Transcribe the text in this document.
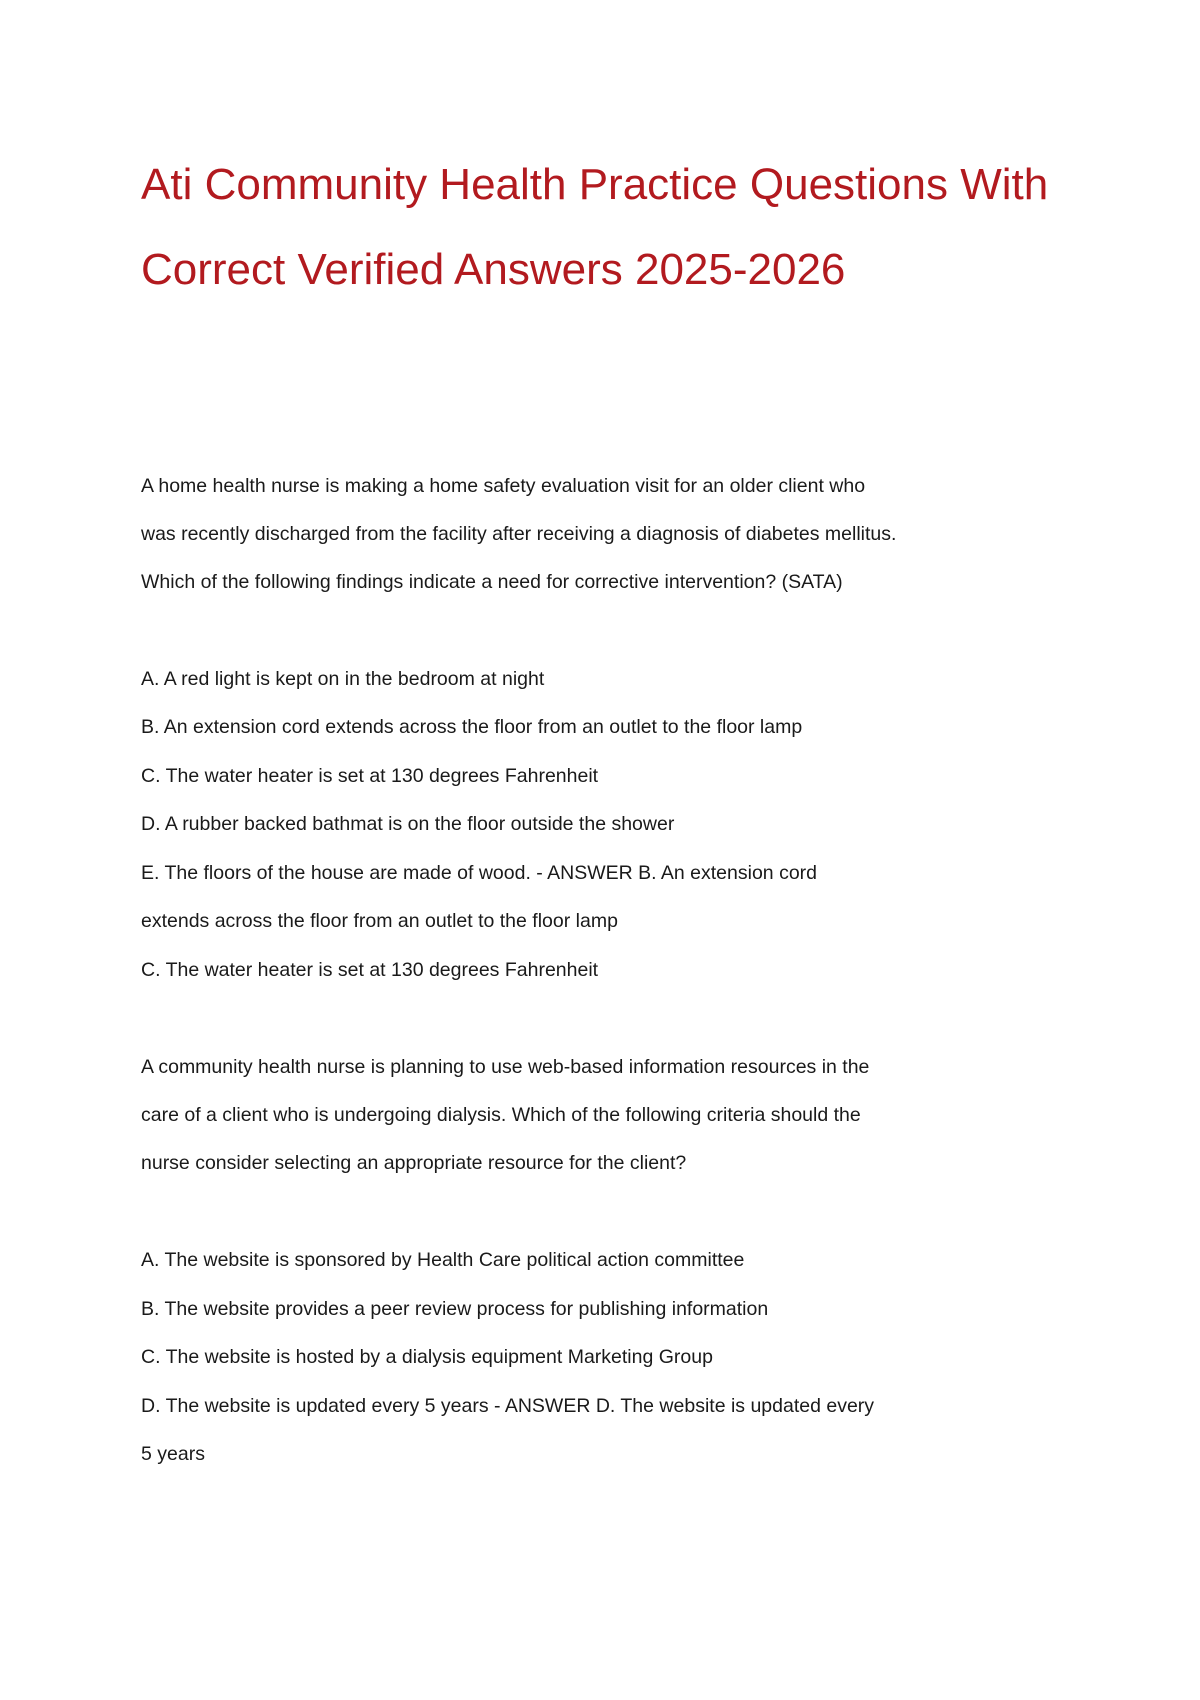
Ati Community Health Practice Questions With
Correct Verified Answers 2025-2026
A home health nurse is making a home safety evaluation visit for an older client who
was recently discharged from the facility after receiving a diagnosis of diabetes mellitus.
Which of the following findings indicate a need for corrective intervention? (SATA)
A. A red light is kept on in the bedroom at night
B. An extension cord extends across the floor from an outlet to the floor lamp
C. The water heater is set at 130 degrees Fahrenheit
D. A rubber backed bathmat is on the floor outside the shower
E. The floors of the house are made of wood. - ANSWER B. An extension cord
extends across the floor from an outlet to the floor lamp
C. The water heater is set at 130 degrees Fahrenheit
A community health nurse is planning to use web-based information resources in the
care of a client who is undergoing dialysis. Which of the following criteria should the
nurse consider selecting an appropriate resource for the client?
A. The website is sponsored by Health Care political action committee
B. The website provides a peer review process for publishing information
C. The website is hosted by a dialysis equipment Marketing Group
D. The website is updated every 5 years - ANSWER D. The website is updated every
5 years
